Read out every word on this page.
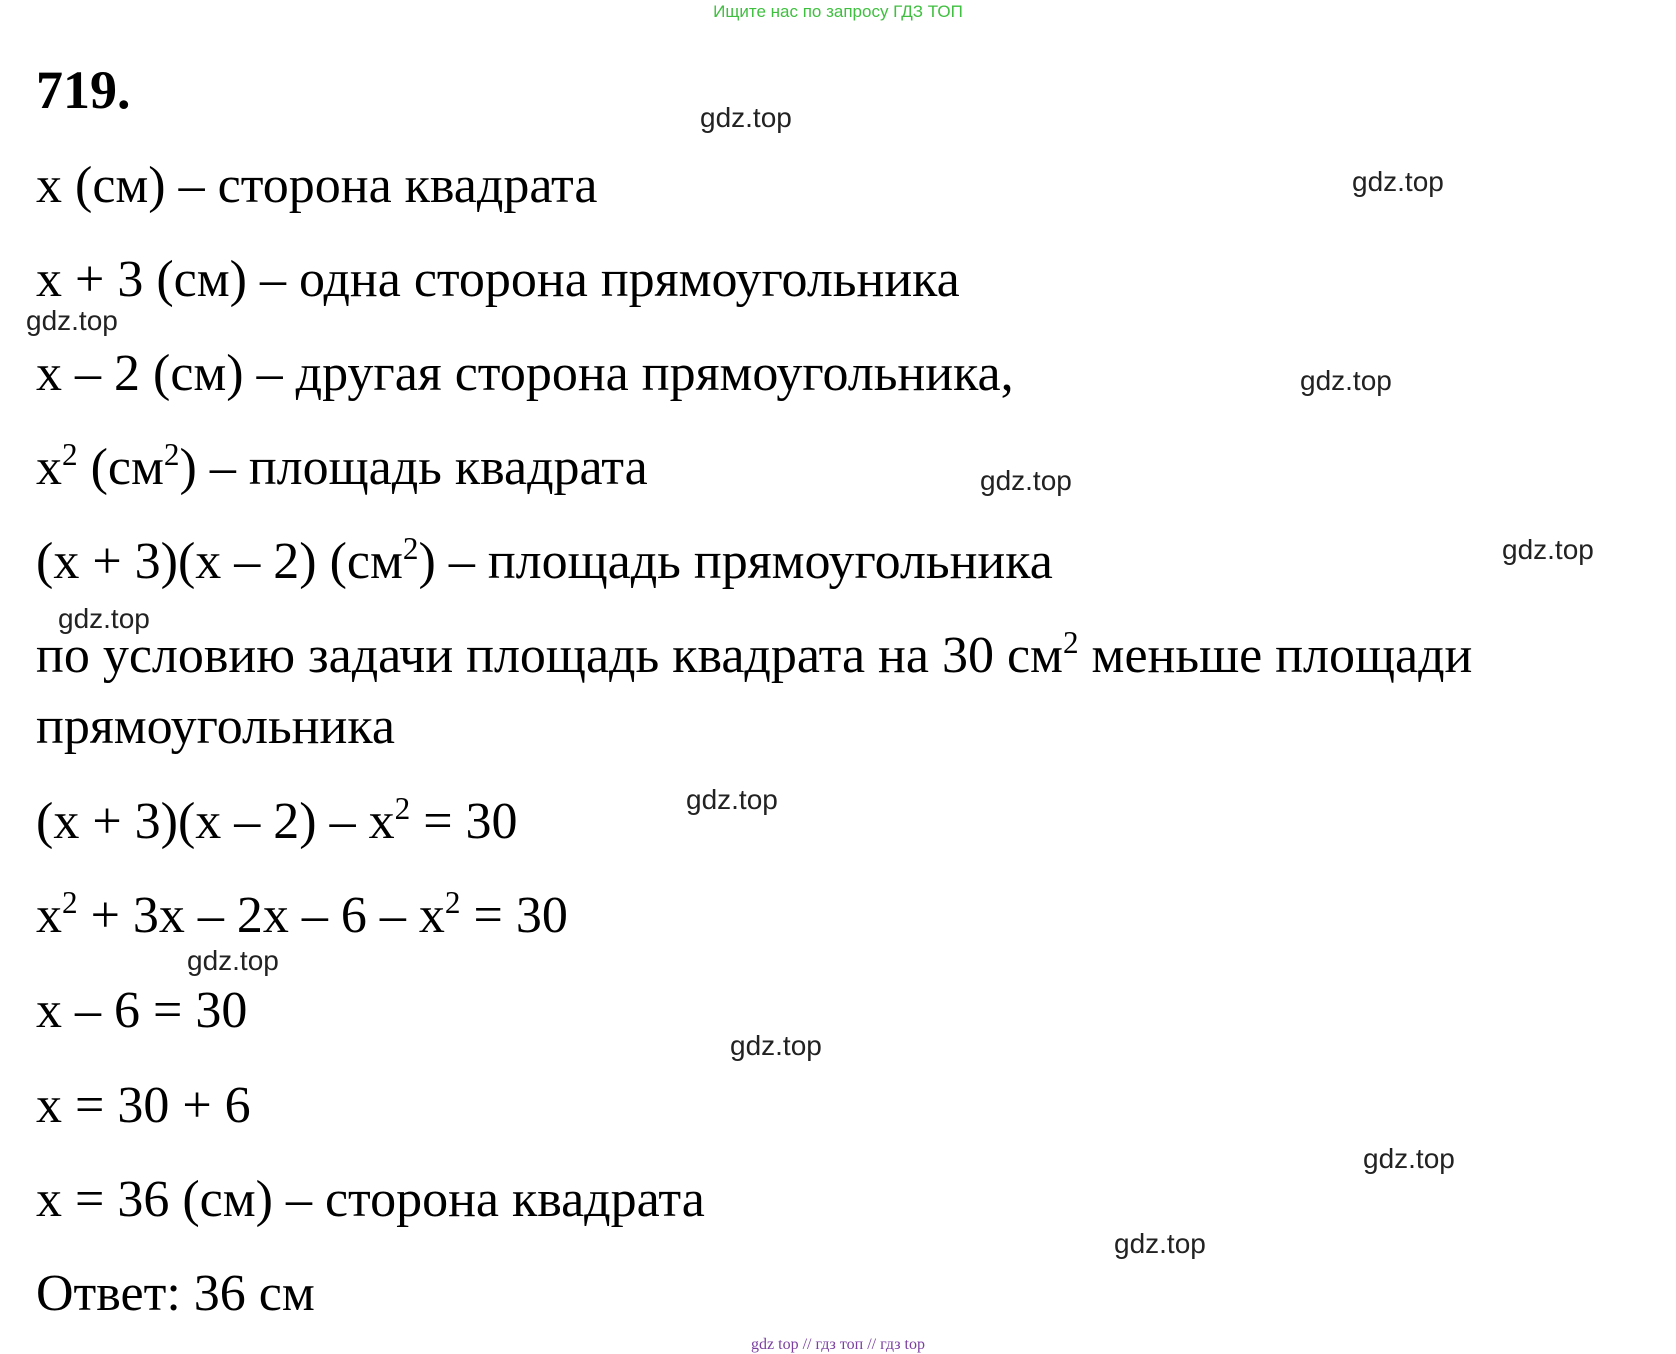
Ищите нас по запросу ГДЗ ТОП
719.
x (см) – сторона квадрата
x + 3 (см) – одна сторона прямоугольника
x – 2 (см) – другая сторона прямоугольника,
$x^2$ $(см^2)$ – площадь квадрата
(x + 3)(x – 2) $(см^2)$ – площадь прямоугольника
по условию задачи площадь квадрата на 30 $см^2$ меньше площади
прямоугольника
$(x + 3)(x - 2) - x^2 = 30$
$x^2 + 3x - 2x - 6 - x^2 = 30$
x – 6 = 30
x = 30 + 6
x = 36 (см) – сторона квадрата
Ответ: 36 см
gdz.top
gdz.top
gdz.top
gdz.top
gdz.top
gdz.top
gdz.top
gdz.top
gdz.top
gdz.top
gdz.top
gdz.top
gdz top // гдз топ // гдз top
